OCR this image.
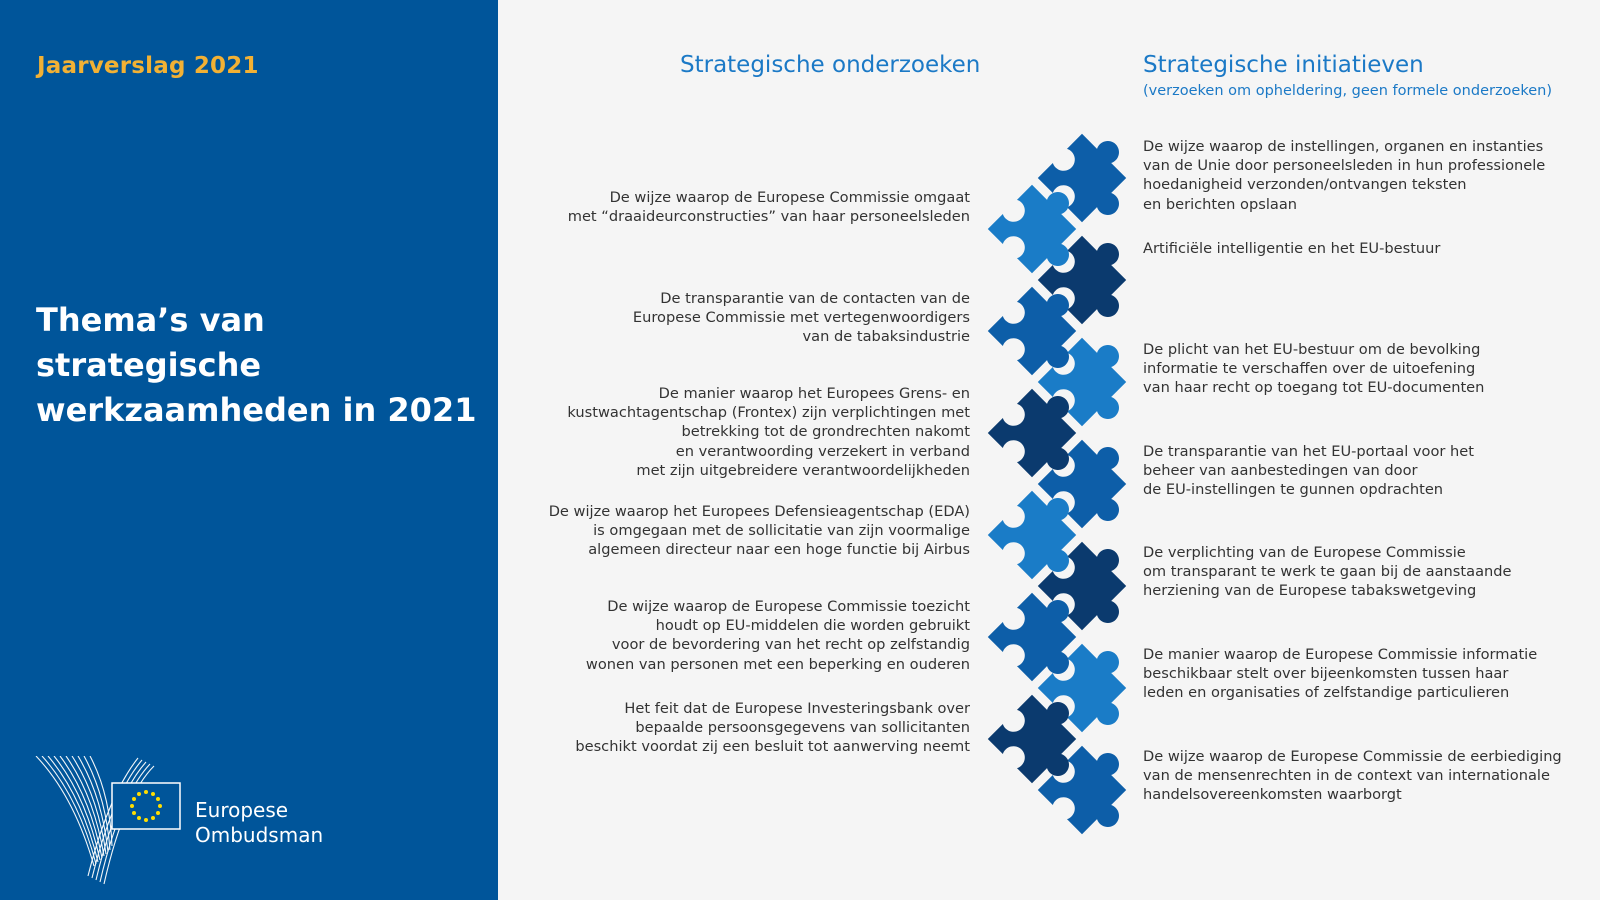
Jaarverslag 2021
Thema’s van strategische werkzaamheden in 2021
Europese
Ombudsman
Strategische onderzoeken	Strategische initiatieven
(verzoeken om opheldering, geen formele onderzoeken)
De wijze waarop de Europese Commissie omgaat
met “draaideurconstructies” van haar personeelsleden
De transparantie van de contacten van de
Europese Commissie met vertegenwoordigers
van de tabaksindustrie
De manier waarop het Europees Grens- en
kustwachtagentschap (Frontex) zijn verplichtingen met
betrekking tot de grondrechten nakomt
en verantwoording verzekert in verband
met zijn uitgebreidere verantwoordelijkheden
De wijze waarop het Europees Defensieagentschap (EDA)
is omgegaan met de sollicitatie van zijn voormalige
algemeen directeur naar een hoge functie bij Airbus
De wijze waarop de Europese Commissie toezicht
houdt op EU-middelen die worden gebruikt
voor de bevordering van het recht op zelfstandig
wonen van personen met een beperking en ouderen
Het feit dat de Europese Investeringsbank over
bepaalde persoonsgegevens van sollicitanten
beschikt voordat zij een besluit tot aanwerving neemt
De wijze waarop de instellingen, organen en instanties
van de Unie door personeelsleden in hun professionele
hoedanigheid verzonden/ontvangen teksten
en berichten opslaan
Artificiële intelligentie en het EU-bestuur
De plicht van het EU-bestuur om de bevolking
informatie te verschaffen over de uitoefening
van haar recht op toegang tot EU-documenten
De transparantie van het EU-portaal voor het
beheer van aanbestedingen van door
de EU-instellingen te gunnen opdrachten
De verplichting van de Europese Commissie
om transparant te werk te gaan bij de aanstaande
herziening van de Europese tabakswetgeving
De manier waarop de Europese Commissie informatie
beschikbaar stelt over bijeenkomsten tussen haar
leden en organisaties of zelfstandige particulieren
De wijze waarop de Europese Commissie de eerbiediging
van de mensenrechten in de context van internationale
handelsovereenkomsten waarborgt
